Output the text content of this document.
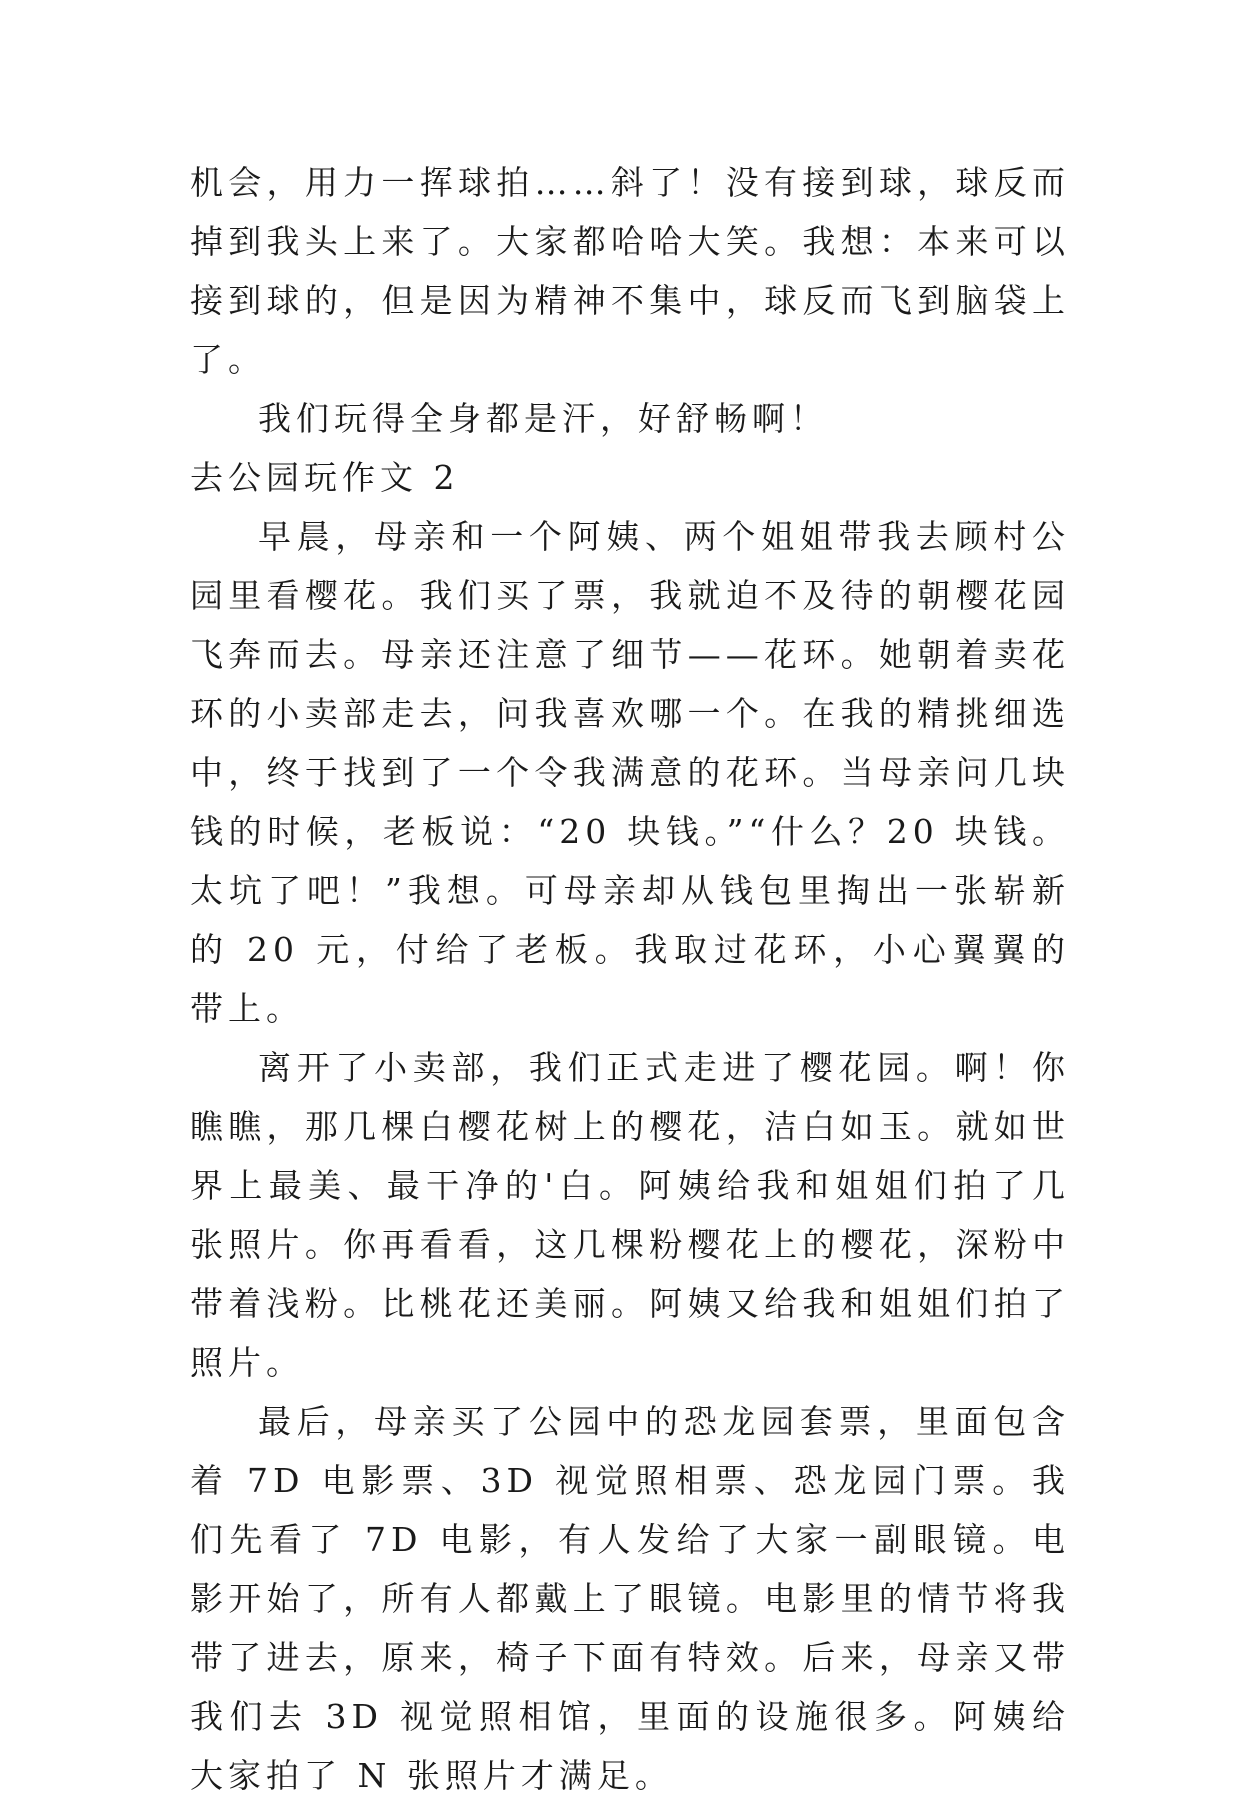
机会，用力一挥球拍……斜了！没有接到球，球反而掉到我头上来了。大家都哈哈大笑。我想：本来可以接到球的，但是因为精神不集中，球反而飞到脑袋上了。

我们玩得全身都是汗，好舒畅啊！

去公园玩作文 2

早晨，母亲和一个阿姨、两个姐姐带我去顾村公园里看樱花。我们买了票，我就迫不及待的朝樱花园飞奔而去。母亲还注意了细节——花环。她朝着卖花环的小卖部走去，问我喜欢哪一个。在我的精挑细选中，终于找到了一个令我满意的花环。当母亲问几块钱的时候，老板说：“20 块钱。”“什么？20 块钱。太坑了吧！”我想。可母亲却从钱包里掏出一张崭新的 20 元，付给了老板。我取过花环，小心翼翼的带上。

离开了小卖部，我们正式走进了樱花园。啊！你瞧瞧，那几棵白樱花树上的樱花，洁白如玉。就如世界上最美、最干净的'白。阿姨给我和姐姐们拍了几张照片。你再看看，这几棵粉樱花上的樱花，深粉中带着浅粉。比桃花还美丽。阿姨又给我和姐姐们拍了照片。

最后，母亲买了公园中的恐龙园套票，里面包含着 7D 电影票、3D 视觉照相票、恐龙园门票。我们先看了 7D 电影，有人发给了大家一副眼镜。电影开始了，所有人都戴上了眼镜。电影里的情节将我带了进去，原来，椅子下面有特效。后来，母亲又带我们去 3D 视觉照相馆，里面的设施很多。阿姨给大家拍了 N 张照片才满足。
